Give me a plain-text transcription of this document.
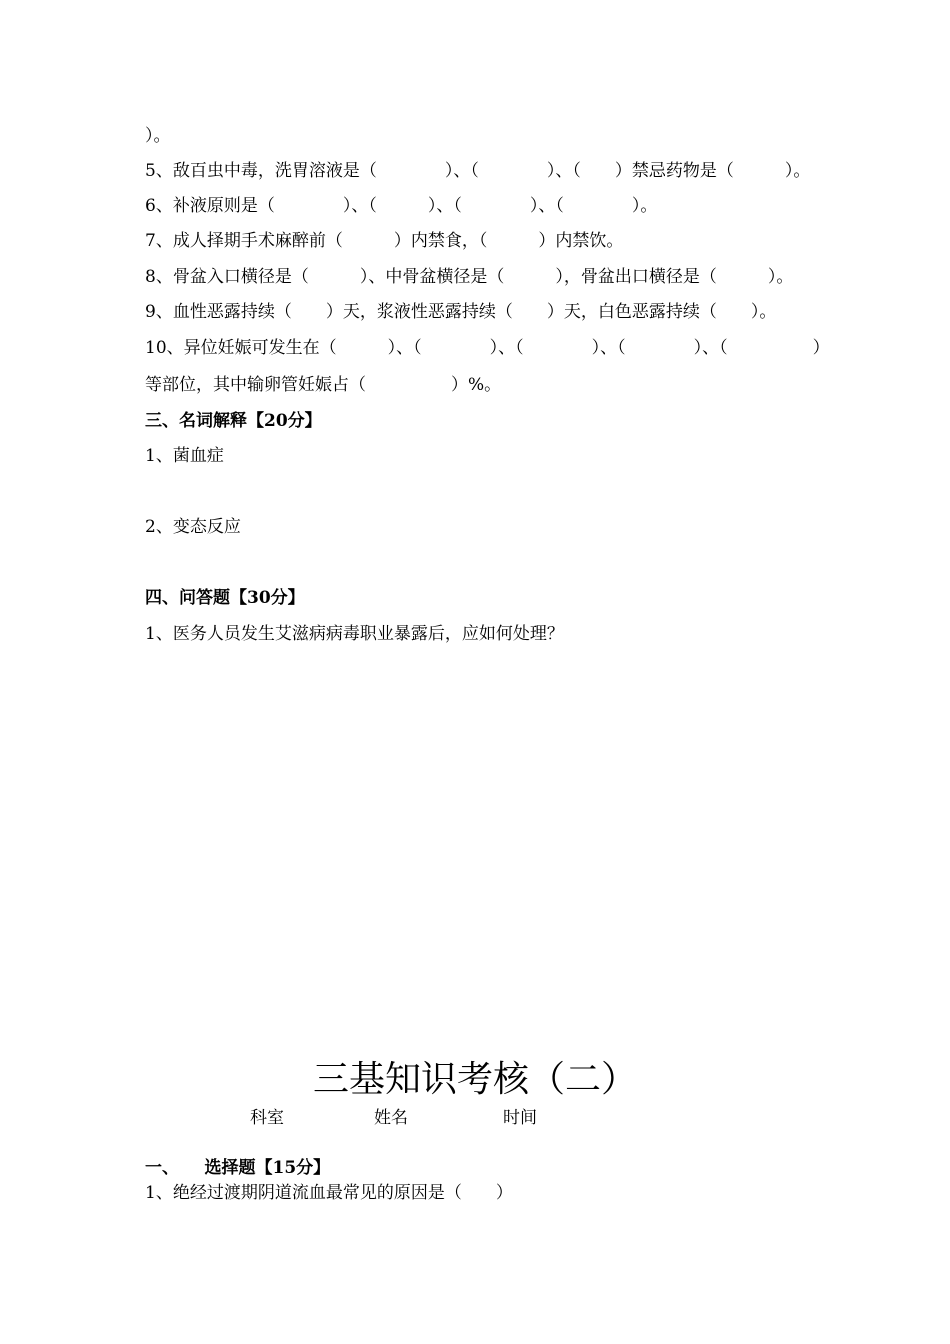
）。
5、敌百虫中毒，洗胃溶液是（　　　　）、（　　　　）、（　　）禁忌药物是（　　　）。
6、补液原则是（　　　　）、（　　　）、（　　　　）、（　　　　）。
7、成人择期手术麻醉前（　　　）内禁食，（　　　）内禁饮。
8、骨盆入口横径是（　　　）、中骨盆横径是（　　　），骨盆出口横径是（　　　）。
9、血性恶露持续（　　）天，浆液性恶露持续（　　）天，白色恶露持续（　　）。
10、异位妊娠可发生在（　　　）、（　　　　）、（　　　　）、（　　　　）、（　　　　　）
等部位，其中输卵管妊娠占（　　　　　）%。
三、名词解释【20分】
1、菌血症
2、变态反应
四、问答题【30分】
1、医务人员发生艾滋病病毒职业暴露后，应如何处理？
三基知识考核（二）
科室	姓名	时间
一、　　选择题【15分】
1、绝经过渡期阴道流血最常见的原因是（　　）
